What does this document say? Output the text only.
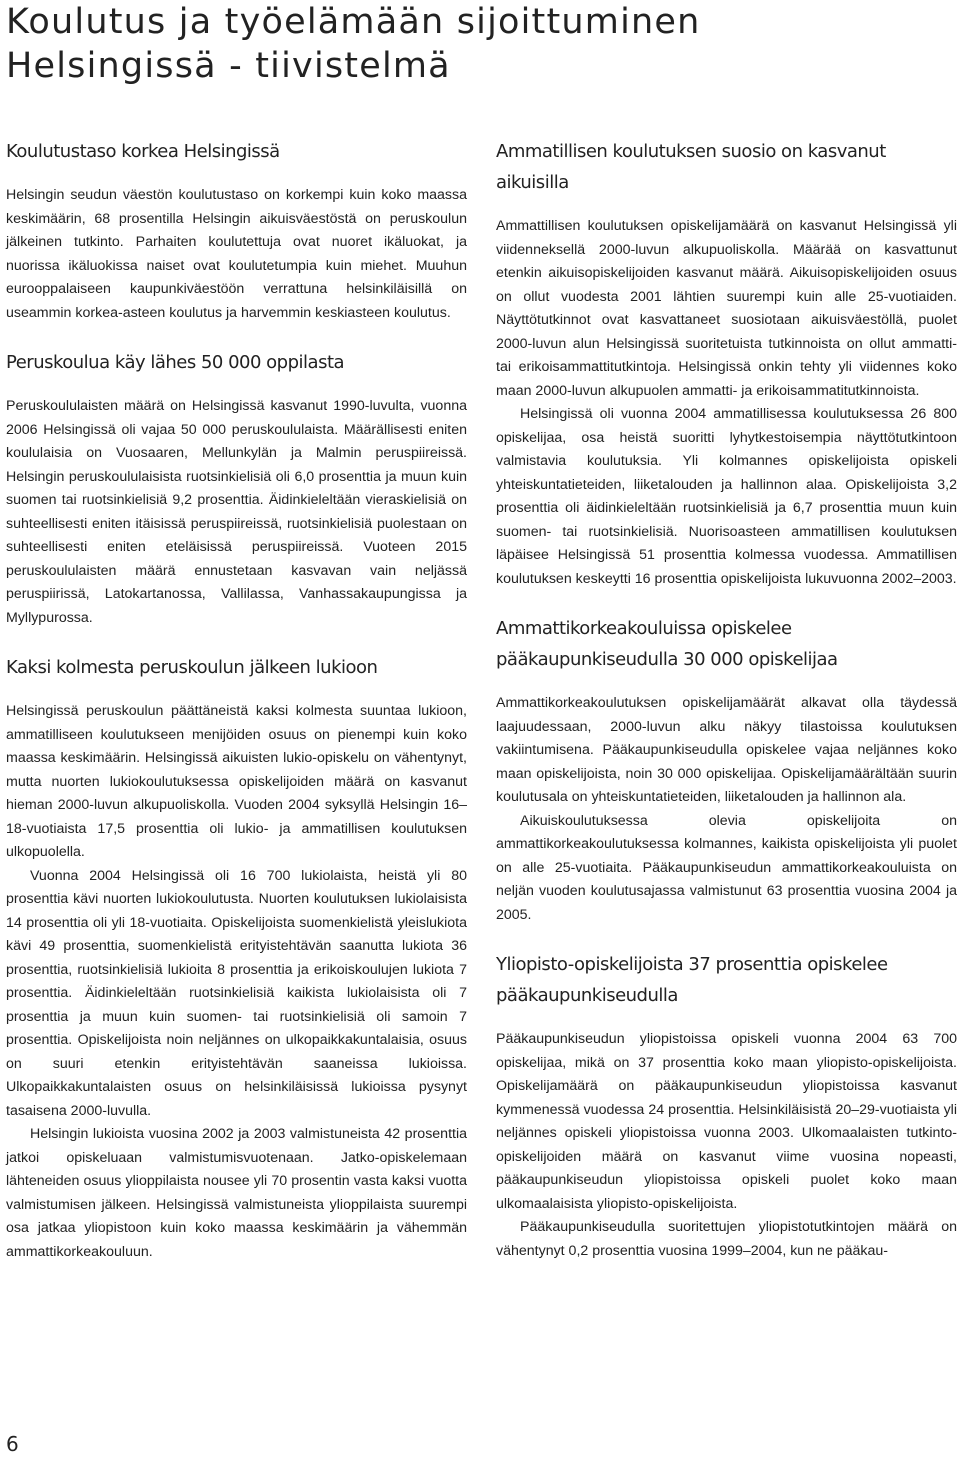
Koulutus ja työelämään sijoittuminen
Helsingissä - tiivistelmä
Koulutustaso korkea Helsingissä

Helsingin seudun väestön koulutustaso on korkempi kuin koko maassa keskimäärin, 68 prosentilla Helsingin aikuisväestöstä on peruskoulun jälkeinen tutkinto. Parhaiten koulutettuja ovat nuoret ikäluokat, ja nuorissa ikäluokissa naiset ovat koulutetumpia kuin miehet. Muuhun eurooppalaiseen kaupunkiväestöön verrattuna helsinkiläisillä on useammin korkea-asteen koulutus ja harvemmin keskiasteen koulutus.

Peruskoulua käy lähes 50 000 oppilasta

Peruskoululaisten määrä on Helsingissä kasvanut 1990-luvulta, vuonna 2006 Helsingissä oli vajaa 50 000 peruskoululaista. Määrällisesti eniten koululaisia on Vuosaaren, Mellunkylän ja Malmin peruspiireissä. Helsingin peruskoululaisista ruotsinkielisiä oli 6,0 prosenttia ja muun kuin suomen tai ruotsinkielisiä 9,2 prosenttia. Äidinkieleltään vieraskielisiä on suhteellisesti eniten itäisissä peruspiireissä, ruotsinkielisiä puolestaan on suhteellisesti eniten eteläisissä peruspiireissä. Vuoteen 2015 peruskoululaisten määrä ennustetaan kasvavan vain neljässä peruspiirissä, Latokartanossa, Vallilassa, Vanhassakaupungissa ja Myllypurossa.

Kaksi kolmesta peruskoulun jälkeen lukioon

Helsingissä peruskoulun päättäneistä kaksi kolmesta suuntaa lukioon, ammatilliseen koulutukseen menijöiden osuus on pienempi kuin koko maassa keskimäärin. Helsingissä aikuisten lukio-opiskelu on vähentynyt, mutta nuorten lukiokoulutuksessa opiskelijoiden määrä on kasvanut hieman 2000-luvun alkupuoliskolla. Vuoden 2004 syksyllä Helsingin 16–18-vuotiaista 17,5 prosenttia oli lukio- ja ammatillisen koulutuksen ulkopuolella.

Vuonna 2004 Helsingissä oli 16 700 lukiolaista, heistä yli 80 prosenttia kävi nuorten lukiokoulutusta. Nuorten koulutuksen lukiolaisista 14 prosenttia oli yli 18-vuotiaita. Opiskelijoista suomenkielistä yleislukiota kävi 49 prosenttia, suomenkielistä erityistehtävän saanutta lukiota 36 prosenttia, ruotsinkielisiä lukioita 8 prosenttia ja erikoiskoulujen lukiota 7 prosenttia. Äidinkieleltään ruotsinkielisiä kaikista lukiolaisista oli 7 prosenttia ja muun kuin suomen- tai ruotsinkielisiä oli samoin 7 prosenttia. Opiskelijoista noin neljännes on ulkopaikkakuntalaisia, osuus on suuri etenkin erityistehtävän saaneissa lukioissa. Ulkopaikkakuntalaisten osuus on helsinkiläisissä lukioissa pysynyt tasaisena 2000-luvulla.

Helsingin lukioista vuosina 2002 ja 2003 valmistuneista 42 prosenttia jatkoi opiskeluaan valmistumisvuotenaan. Jatko-opiskelemaan lähteneiden osuus ylioppilaista nousee yli 70 prosentin vasta kaksi vuotta valmistumisen jälkeen. Helsingissä valmistuneista ylioppilaista suurempi osa jatkaa yliopistoon kuin koko maassa keskimäärin ja vähemmän ammattikorkeakouluun.

Ammatillisen koulutuksen suosio on kasvanut aikuisilla

Ammattillisen koulutuksen opiskelijamäärä on kasvanut Helsingissä yli viidenneksellä 2000-luvun alkupuoliskolla. Määrää on kasvattunut etenkin aikuisopiskelijoiden kasvanut määrä. Aikuisopiskelijoiden osuus on ollut vuodesta 2001 lähtien suurempi kuin alle 25-vuotiaiden. Näyttötutkinnot ovat kasvattaneet suosiotaan aikuisväestöllä, puolet 2000-luvun alun Helsingissä suoritetuista tutkinnoista on ollut ammatti- tai erikoisammattitutkintoja. Helsingissä onkin tehty yli viidennes koko maan 2000-luvun alkupuolen ammatti- ja erikoisammatitutkinnoista.

Helsingissä oli vuonna 2004 ammatillisessa koulutuksessa 26 800 opiskelijaa, osa heistä suoritti lyhytkestoisempia näyttötutkintoon valmistavia koulutuksia. Yli kolmannes opiskelijoista opiskeli yhteiskuntatieteiden, liiketalouden ja hallinnon alaa. Opiskelijoista 3,2 prosenttia oli äidinkieleltään ruotsinkielisiä ja 6,7 prosenttia muun kuin suomen- tai ruotsinkielisiä. Nuorisoasteen ammatillisen koulutuksen läpäisee Helsingissä 51 prosenttia kolmessa vuodessa. Ammatillisen koulutuksen keskeytti 16 prosenttia opiskelijoista lukuvuonna 2002–2003.

Ammattikorkeakouluissa opiskelee pääkaupunkiseudulla 30 000 opiskelijaa

Ammattikorkeakoulutuksen opiskelijamäärät alkavat olla täydessä laajuudessaan, 2000-luvun alku näkyy tilastoissa koulutuksen vakiintumisena. Pääkaupunkiseudulla opiskelee vajaa neljännes koko maan opiskelijoista, noin 30 000 opiskelijaa. Opiskelijamäärältään suurin koulutusala on yhteiskuntatieteiden, liiketalouden ja hallinnon ala.

Aikuiskoulutuksessa olevia opiskelijoita on ammattikorkeakoulutuksessa kolmannes, kaikista opiskelijoista yli puolet on alle 25-vuotiaita. Pääkaupunkiseudun ammattikorkeakouluista on neljän vuoden koulutusajassa valmistunut 63 prosenttia vuosina 2004 ja 2005.

Yliopisto-opiskelijoista 37 prosenttia opiskelee pääkaupunkiseudulla

Pääkaupunkiseudun yliopistoissa opiskeli vuonna 2004 63 700 opiskelijaa, mikä on 37 prosenttia koko maan yliopisto-opiskelijoista. Opiskelijamäärä on pääkaupunkiseudun yliopistoissa kasvanut kymmenessä vuodessa 24 prosenttia. Helsinkiläisistä 20–29-vuotiaista yli neljännes opiskeli yliopistoissa vuonna 2003. Ulkomaalaisten tutkinto-opiskelijoiden määrä on kasvanut viime vuosina nopeasti, pääkaupunkiseudun yliopistoissa opiskeli puolet koko maan ulkomaalaisista yliopisto-opiskelijoista.

Pääkaupunkiseudulla suoritettujen yliopistotutkintojen määrä on vähentynyt 0,2 prosenttia vuosina 1999–2004, kun ne pääkau-

6
